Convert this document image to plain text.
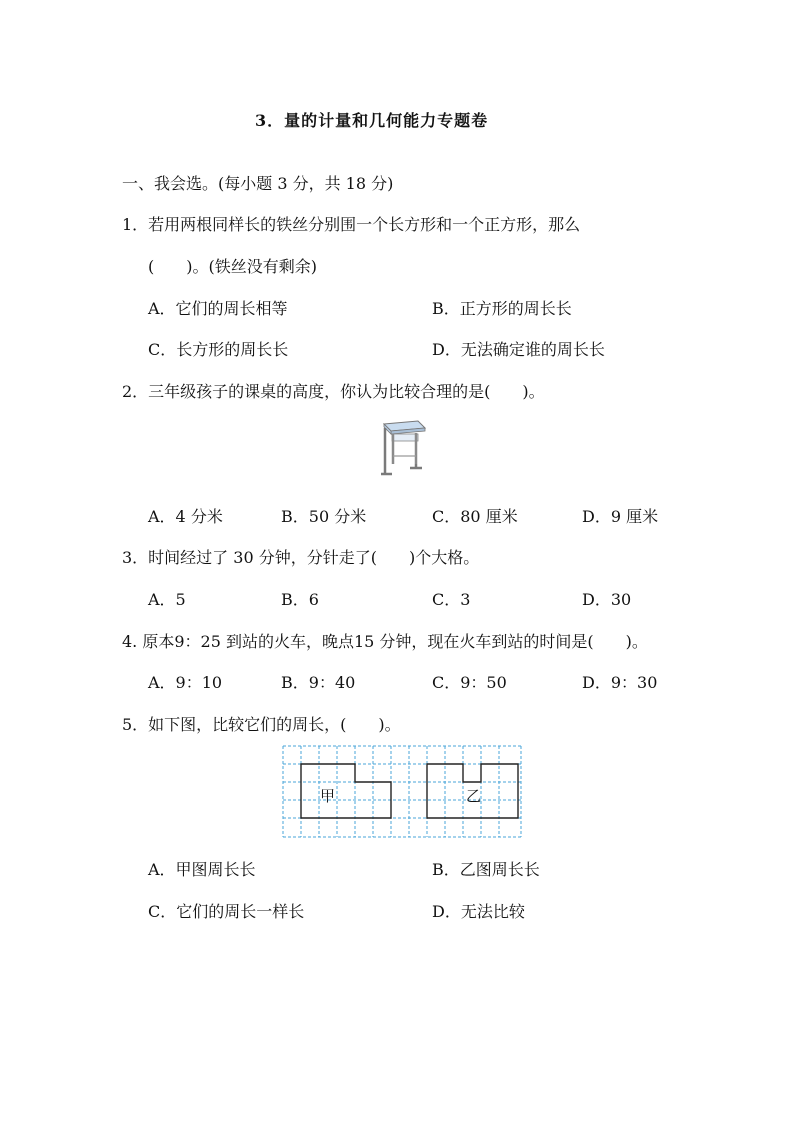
3．量的计量和几何能力专题卷
一、我会选。(每小题 3 分，共 18 分)
1．若用两根同样长的铁丝分别围一个长方形和一个正方形，那么
(　　)。(铁丝没有剩余)
A．它们的周长相等	B．正方形的周长长
C．长方形的周长长	D．无法确定谁的周长长
2．三年级孩子的课桌的高度，你认为比较合理的是(　　)。
A．4 分米	B．50 分米	C．80 厘米	D．9 厘米
3．时间经过了 30 分钟，分针走了(　　)个大格。
A．5	B．6	C．3	D．30
4. 原本9：25 到站的火车，晚点15 分钟，现在火车到站的时间是(　　)。
A．9：10	B．9：40	C．9：50	D．9：30
5．如下图，比较它们的周长，(　　)。
甲	乙
A．甲图周长长	B．乙图周长长
C．它们的周长一样长	D．无法比较
